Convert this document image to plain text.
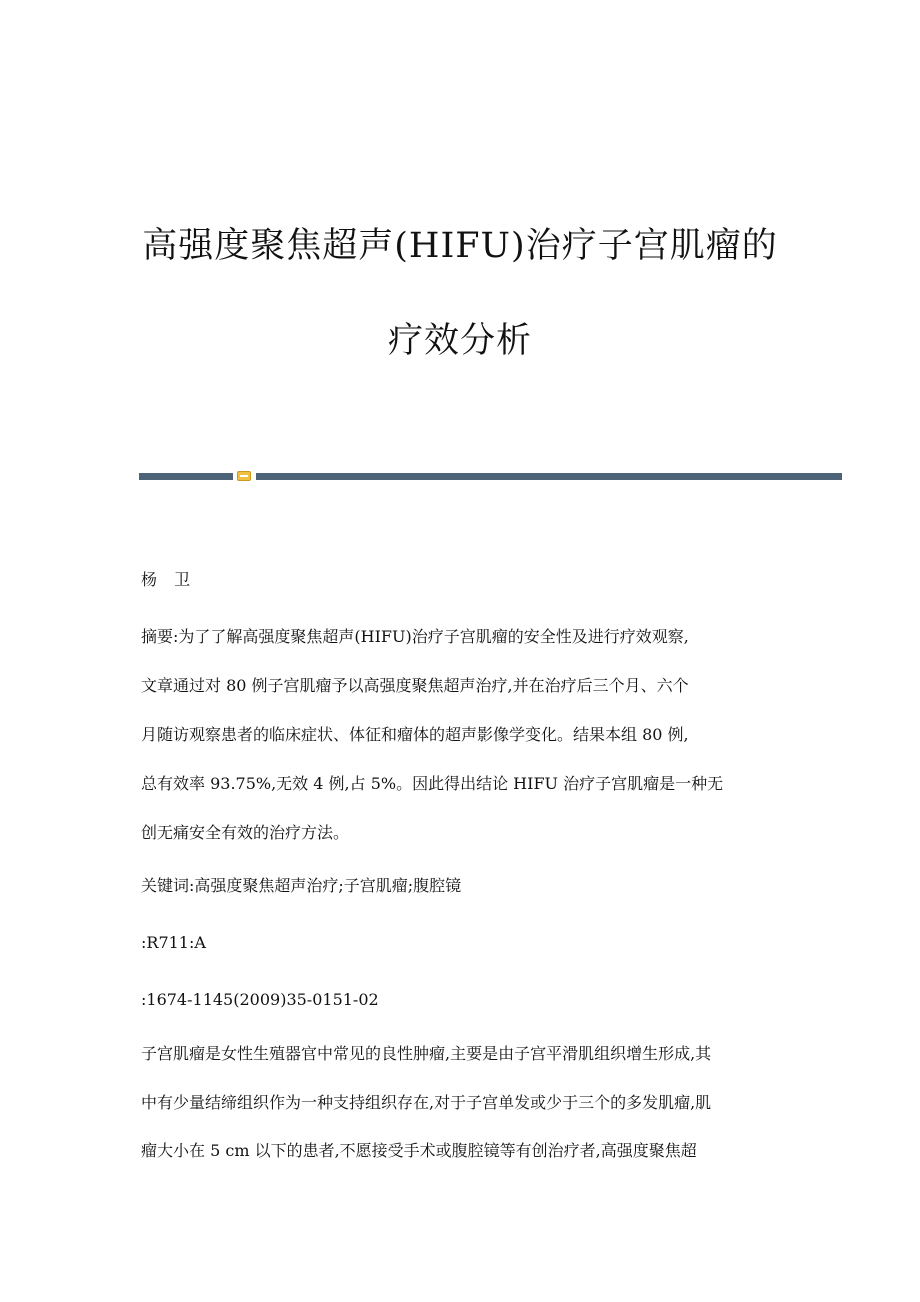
高强度聚焦超声(HIFU)治疗子宫肌瘤的
疗效分析
杨 卫
摘要:为了了解高强度聚焦超声(HIFU)治疗子宫肌瘤的安全性及进行疗效观察,
文章通过对 80 例子宫肌瘤予以高强度聚焦超声治疗,并在治疗后三个月、六个
月随访观察患者的临床症状、体征和瘤体的超声影像学变化。结果本组 80 例,
总有效率 93.75%,无效 4 例,占 5%。因此得出结论 HIFU 治疗子宫肌瘤是一种无
创无痛安全有效的治疗方法。
关键词:高强度聚焦超声治疗;子宫肌瘤;腹腔镜
:R711:A
:1674-1145(2009)35-0151-02
子宫肌瘤是女性生殖器官中常见的良性肿瘤,主要是由子宫平滑肌组织增生形成,其
中有少量结缔组织作为一种支持组织存在,对于子宫单发或少于三个的多发肌瘤,肌
瘤大小在 5 cm 以下的患者,不愿接受手术或腹腔镜等有创治疗者,高强度聚焦超
